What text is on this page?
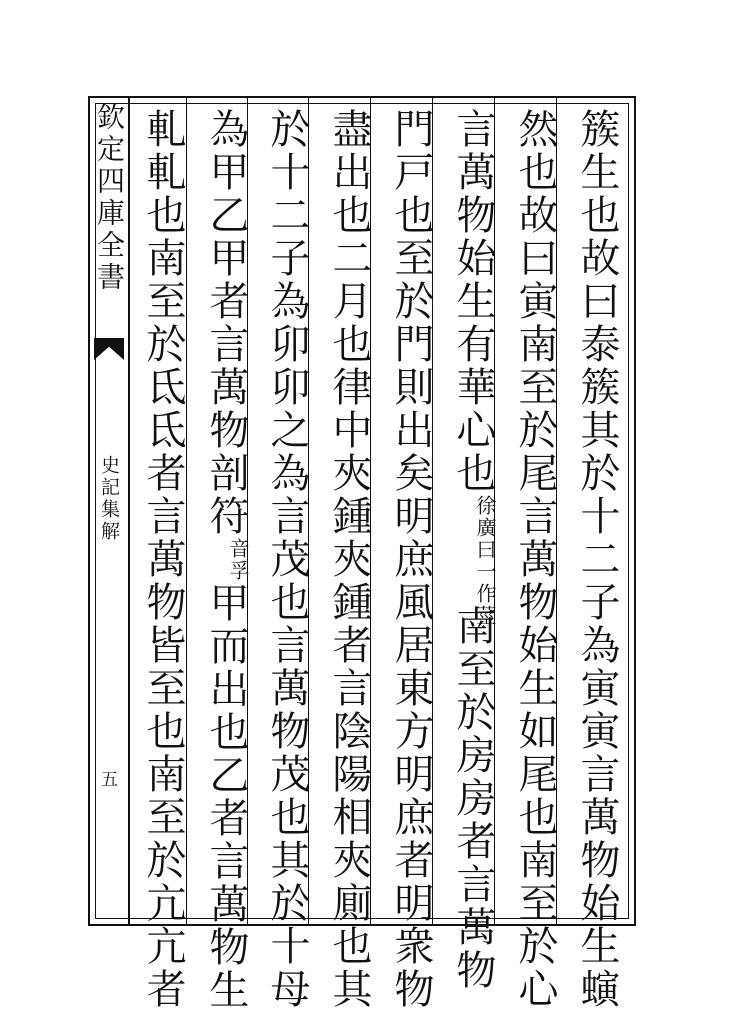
欽定四庫全書
史記集解
五	簇生也故曰泰簇其於十二子為寅寅言萬物始生螾
然也故曰寅南至於尾言萬物始生如尾也南至於心
言萬物始生有華心也徐廣曰一作莖南至於房房者言萬物
門戸也至於門則出矣明庶風居東方明庶者明衆物
盡出也二月也律中夾鍾夾鍾者言陰陽相夾廁也其
於十二子為卯卯之為言茂也言萬物茂也其於十母
為甲乙甲者言萬物剖符音孚甲而出也乙者言萬物生
軋軋也南至於氐氐者言萬物皆至也南至於亢亢者
